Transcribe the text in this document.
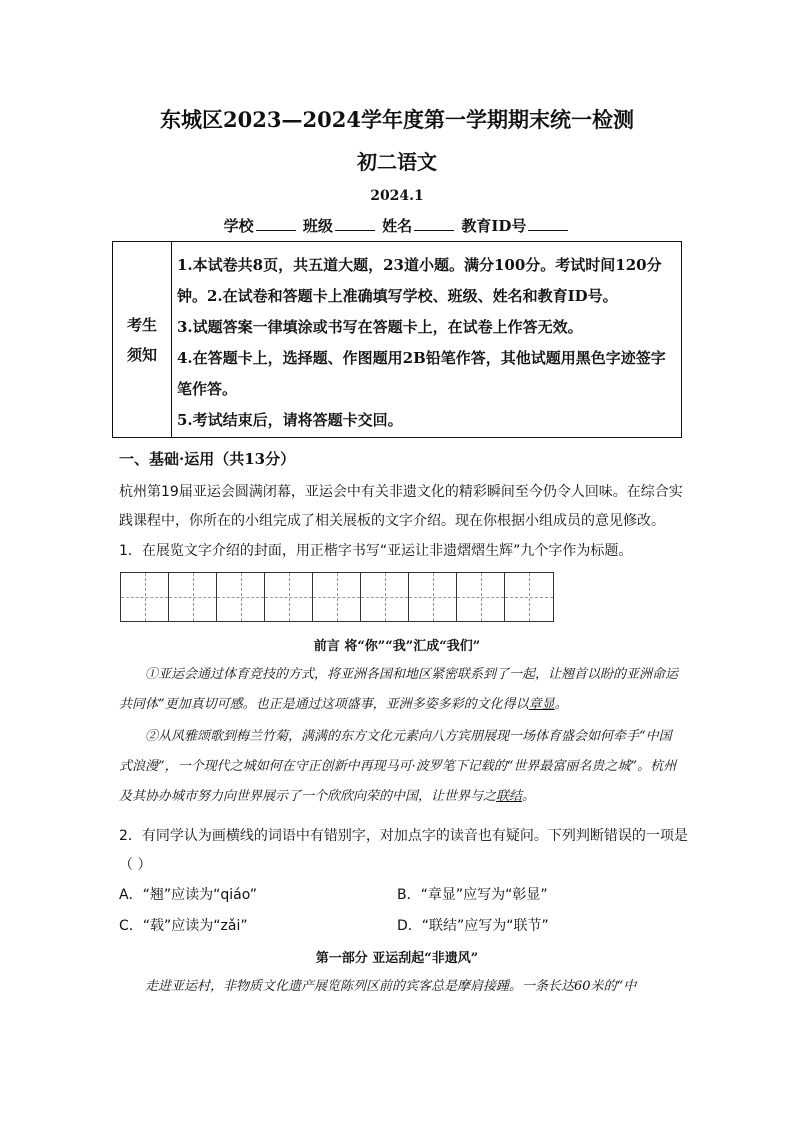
东城区2023—2024学年度第一学期期末统一检测
初二语文
2024.1
学校	班级	姓名	教育ID号
考生
须知
1.本试卷共8页，共五道大题，23道小题。满分100分。考试时间120分钟。2.在试卷和答题卡上准确填写学校、班级、姓名和教育ID号。
3.试题答案一律填涂或书写在答题卡上，在试卷上作答无效。
4.在答题卡上，选择题、作图题用2B铅笔作答，其他试题用黑色字迹签字笔作答。
5.考试结束后，请将答题卡交回。
一、基础·运用（共13分）
杭州第19届亚运会圆满闭幕，亚运会中有关非遗文化的精彩瞬间至今仍令人回味。在综合实践课程中，你所在的小组完成了相关展板的文字介绍。现在你根据小组成员的意见修改。
1．在展览文字介绍的封面，用正楷字书写“亚运让非遗熠熠生辉”九个字作为标题。
前言 将“你”“我”汇成“我们”
①亚运会通过体育竞技的方式，将亚洲各国和地区紧密联系到了一起，让翘首以盼的亚洲命运共同体”更加真切可感。也正是通过这项盛事，亚洲多姿多彩的文化得以章显。
②从风雅颂歌到梅兰竹菊，满满的东方文化元素向八方宾朋展现一场体育盛会如何牵手“中国式浪漫”，一个现代之城如何在守正创新中再现马可·波罗笔下记载的“世界最富丽名贵之城”。杭州及其协办城市努力向世界展示了一个欣欣向荣的中国，让世界与之联结。
2．有同学认为画横线的词语中有错别字，对加点字的读音也有疑问。下列判断错误的一项是（ ）
A．“翘”应读为“qiáo”	B．“章显”应写为“彰显”
C．“载”应读为“zǎi”	D．“联结”应写为“联节”
第一部分 亚运刮起“非遗风”
走进亚运村，非物质文化遗产展览陈列区前的宾客总是摩肩接踵。一条长达60米的“中
